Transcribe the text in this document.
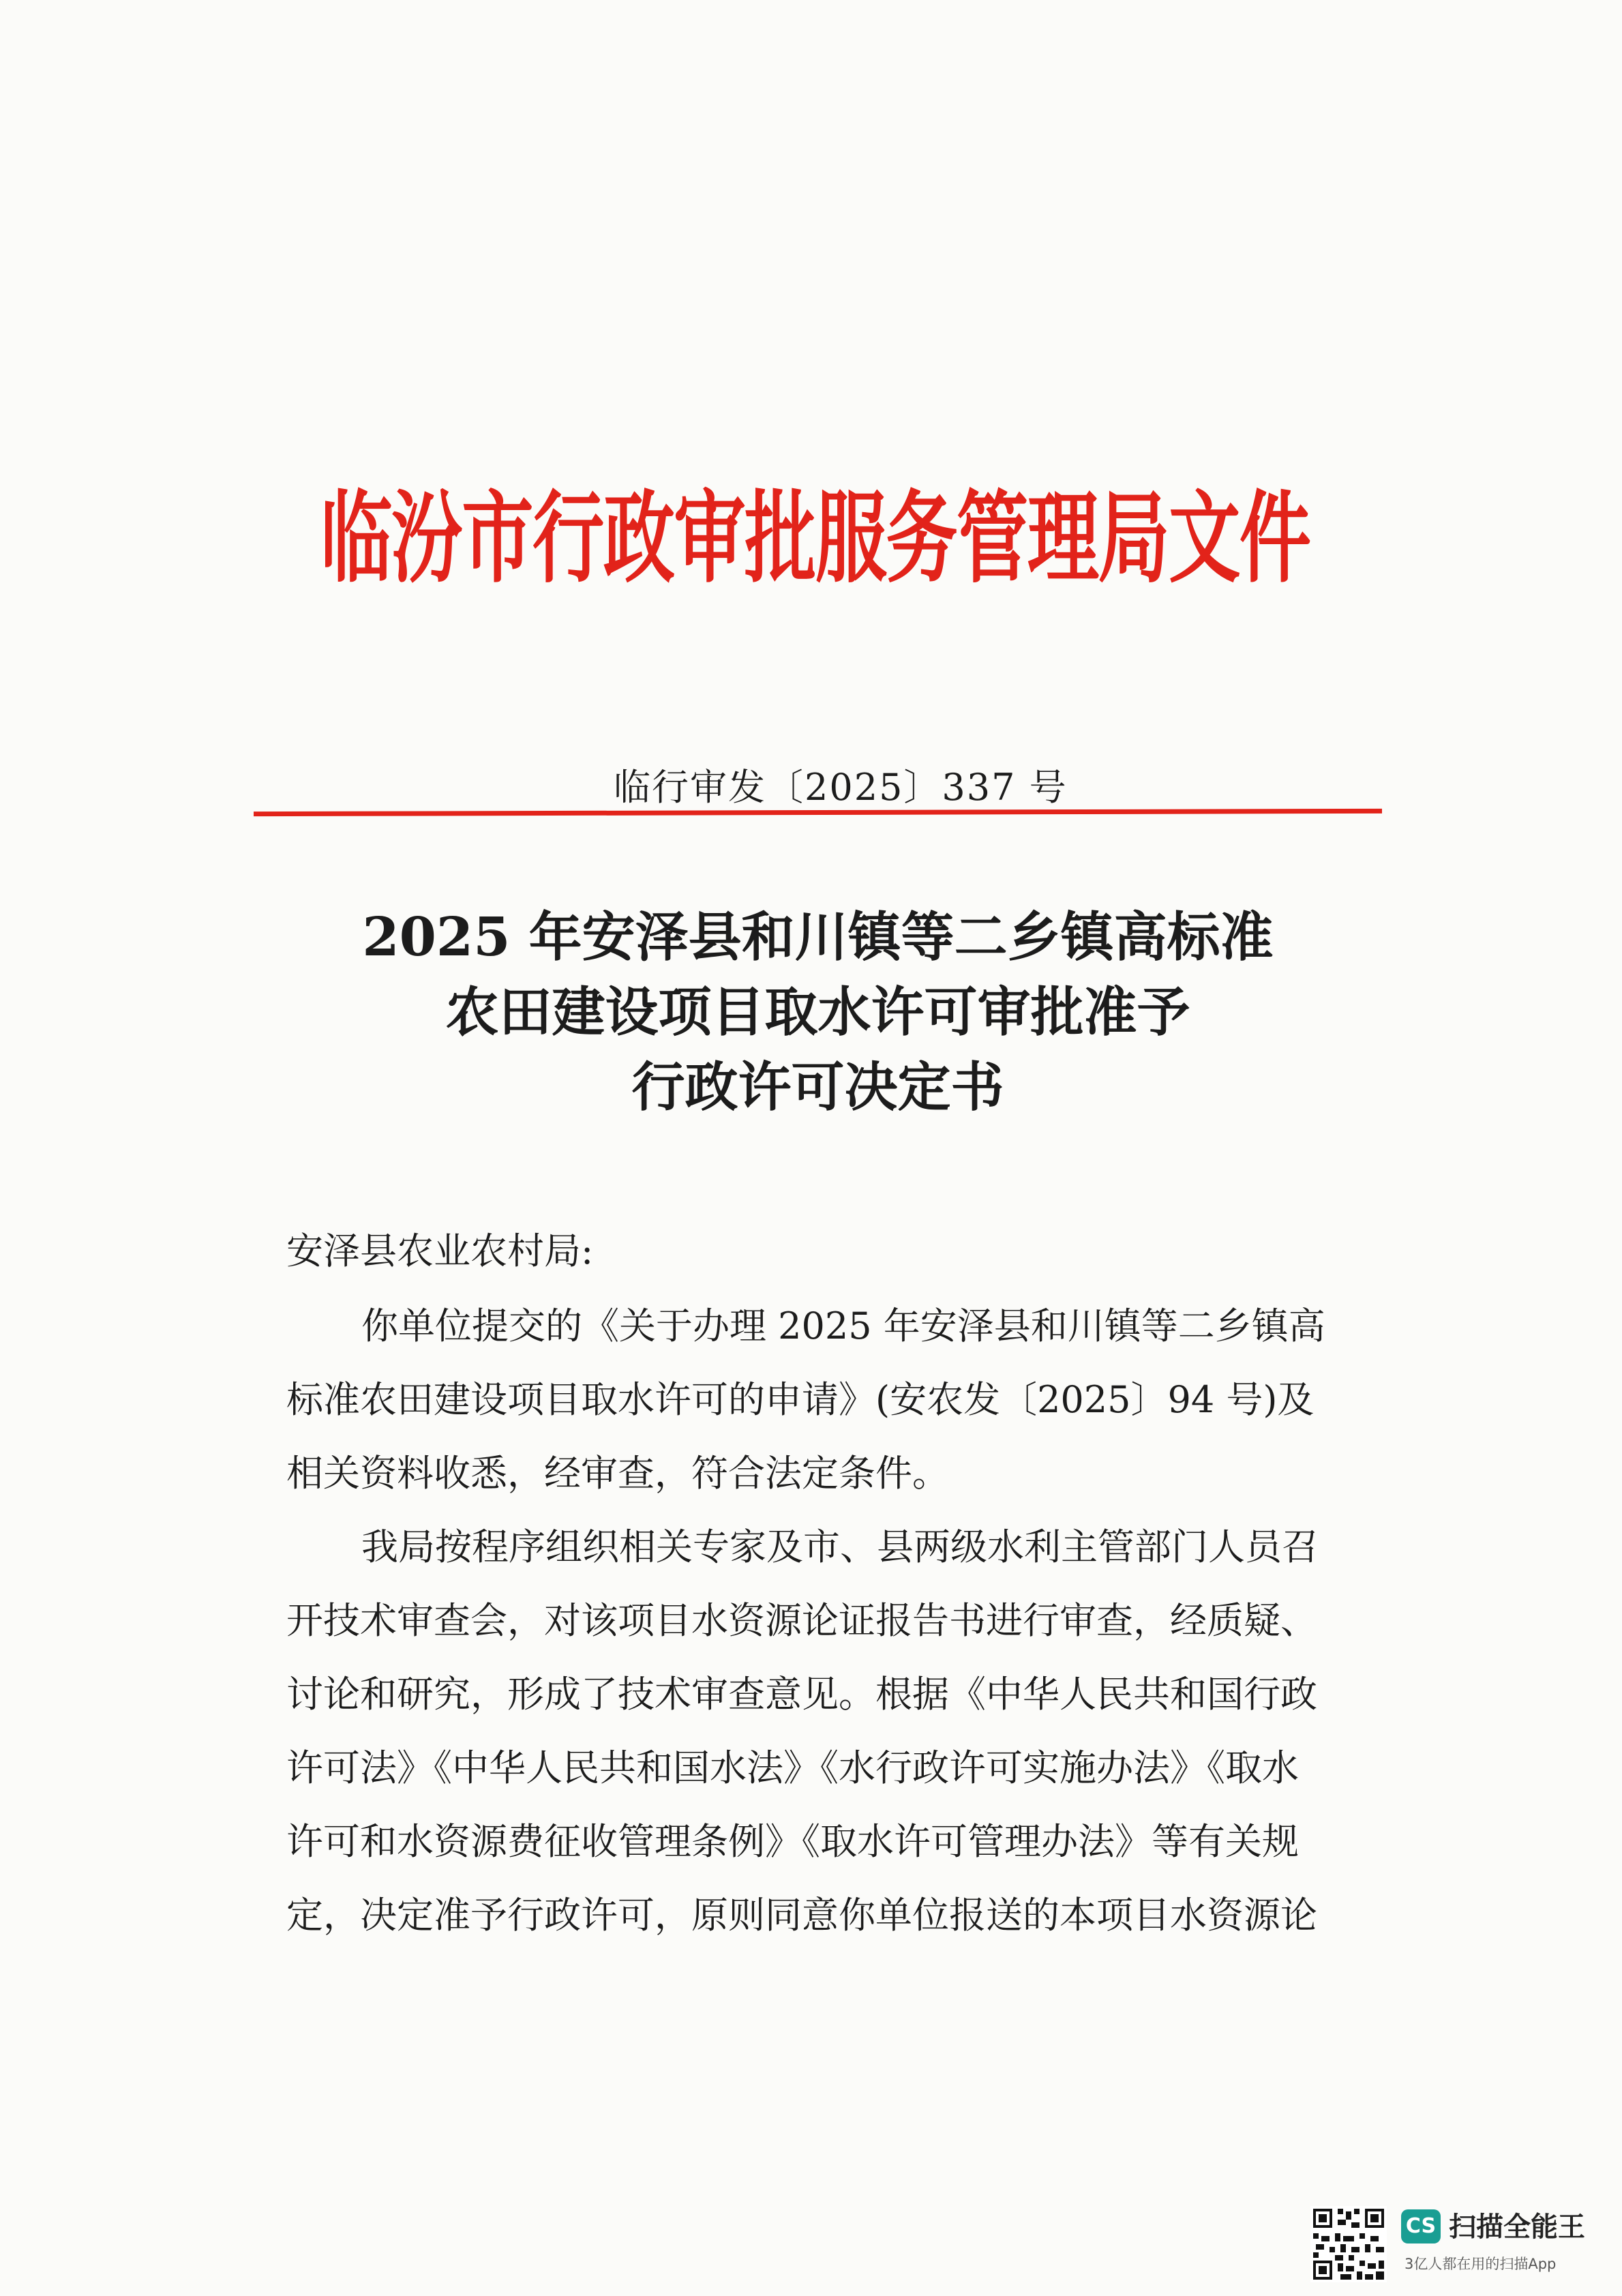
临汾市行政审批服务管理局文件
临行审发〔2025〕337 号
2025 年安泽县和川镇等二乡镇高标准
农田建设项目取水许可审批准予
行政许可决定书
安泽县农业农村局:
你单位提交的《关于办理 2025 年安泽县和川镇等二乡镇高
标准农田建设项目取水许可的申请》(安农发〔2025〕94 号)及
相关资料收悉，经审查，符合法定条件。
我局按程序组织相关专家及市、县两级水利主管部门人员召
开技术审查会，对该项目水资源论证报告书进行审查，经质疑、
讨论和研究，形成了技术审查意见。根据《中华人民共和国行政
许可法》《中华人民共和国水法》《水行政许可实施办法》《取水
许可和水资源费征收管理条例》《取水许可管理办法》等有关规
定，决定准予行政许可，原则同意你单位报送的本项目水资源论
CS 扫描全能王
3亿人都在用的扫描App
